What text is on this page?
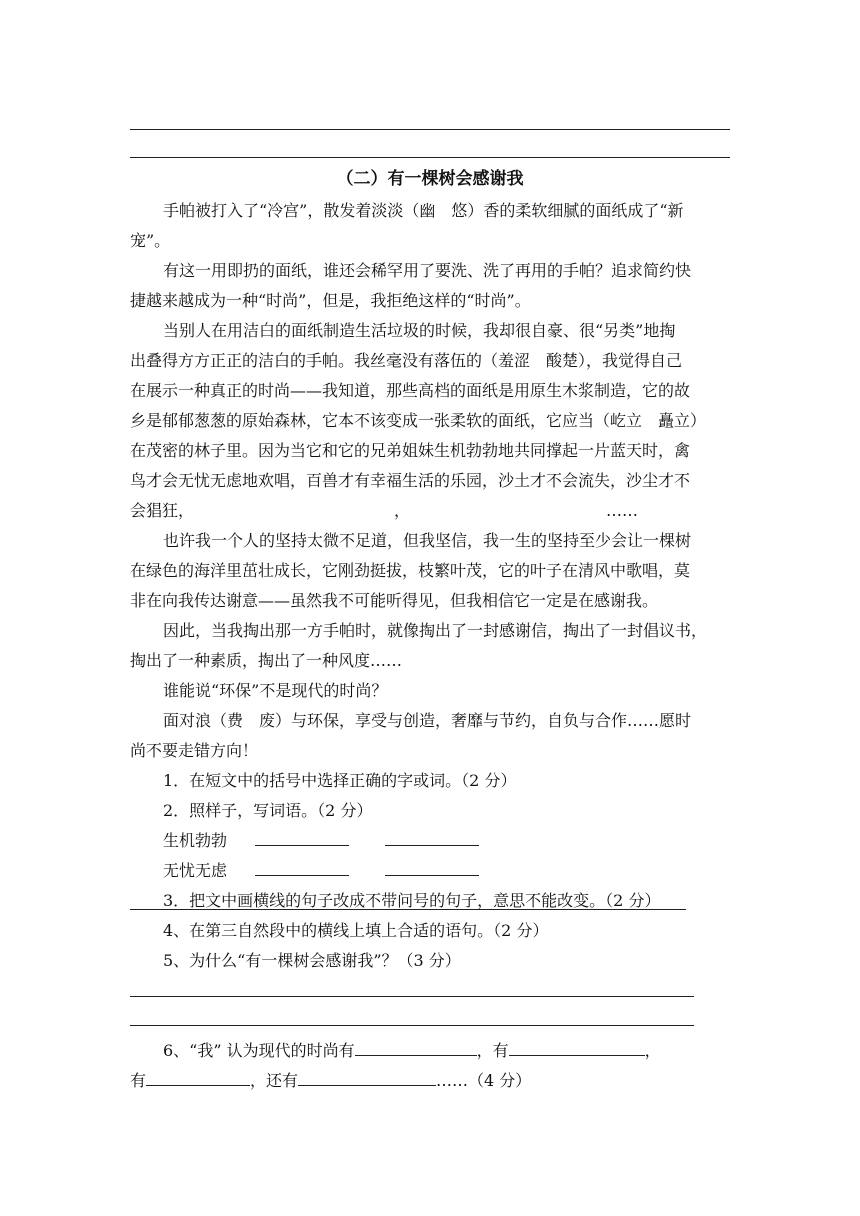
（二）有一棵树会感谢我
手帕被打入了“冷宫”，散发着淡淡（幽　悠）香的柔软细腻的面纸成了“新
宠”。
有这一用即扔的面纸，谁还会稀罕用了要洗、洗了再用的手帕？追求简约快
捷越来越成为一种“时尚”，但是，我拒绝这样的“时尚”。
当别人在用洁白的面纸制造生活垃圾的时候，我却很自豪、很“另类”地掏
出叠得方方正正的洁白的手帕。我丝毫没有落伍的（羞涩　酸楚），我觉得自己
在展示一种真正的时尚——我知道，那些高档的面纸是用原生木浆制造，它的故
乡是郁郁葱葱的原始森林，它本不该变成一张柔软的面纸，它应当（屹立　矗立）
在茂密的林子里。因为当它和它的兄弟姐妹生机勃勃地共同撑起一片蓝天时，禽
鸟才会无忧无虑地欢唱，百兽才有幸福生活的乐园，沙土才不会流失，沙尘才不
会猖狂，	，	……
也许我一个人的坚持太微不足道，但我坚信，我一生的坚持至少会让一棵树
在绿色的海洋里茁壮成长，它刚劲挺拔，枝繁叶茂，它的叶子在清风中歌唱，莫
非在向我传达谢意——虽然我不可能听得见，但我相信它一定是在感谢我。
因此，当我掏出那一方手帕时，就像掏出了一封感谢信，掏出了一封倡议书，
掏出了一种素质，掏出了一种风度……
谁能说“环保”不是现代的时尚？
面对浪（费　废）与环保，享受与创造，奢靡与节约，自负与合作……愿时
尚不要走错方向！
1．在短文中的括号中选择正确的字或词。（2 分）
2．照样子，写词语。（2 分）
生机勃勃
无忧无虑
3．把文中画横线的句子改成不带问号的句子，意思不能改变。（2 分）
4、在第三自然段中的横线上填上合适的语句。（2 分）
5、为什么“有一棵树会感谢我”？（3 分）
6、“我” 认为现代的时尚有	，有	，
有	，还有	……（4 分）
